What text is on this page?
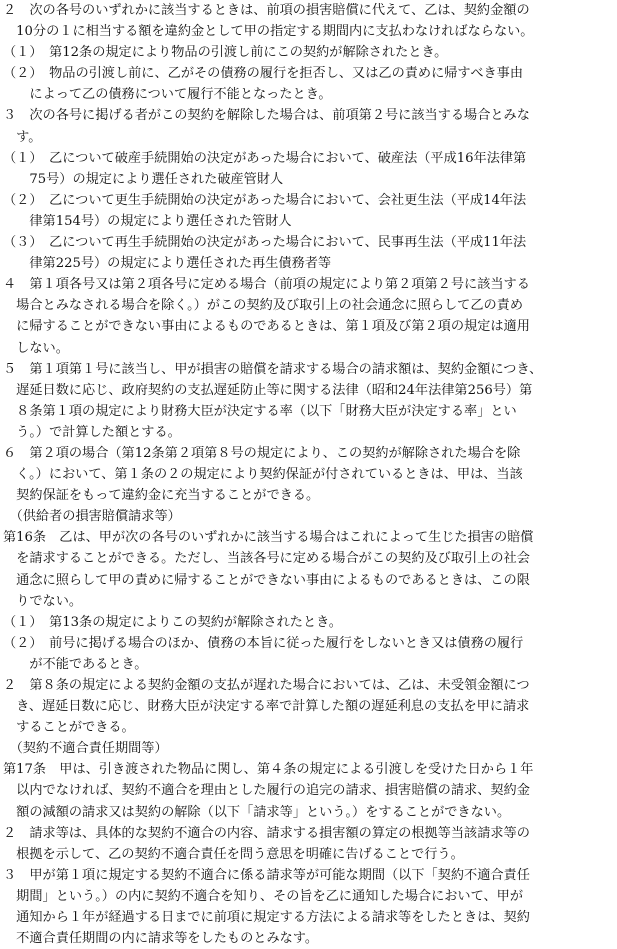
２　次の各号のいずれかに該当するときは、前項の損害賠償に代えて、乙は、契約金額の

　10分の１に相当する額を違約金として甲の指定する期間内に支払わなければならない。

（１）　第12条の規定により物品の引渡し前にこの契約が解除されたとき。

（２）　物品の引渡し前に、乙がその債務の履行を拒否し、又は乙の責めに帰すべき事由

　　によって乙の債務について履行不能となったとき。

３　次の各号に掲げる者がこの契約を解除した場合は、前項第２号に該当する場合とみな

　す。

（１）　乙について破産手続開始の決定があった場合において、破産法（平成16年法律第

　　75号）の規定により選任された破産管財人

（２）　乙について更生手続開始の決定があった場合において、会社更生法（平成14年法

　　律第154号）の規定により選任された管財人

（３）　乙について再生手続開始の決定があった場合において、民事再生法（平成11年法

　　律第225号）の規定により選任された再生債務者等

４　第１項各号又は第２項各号に定める場合（前項の規定により第２項第２号に該当する

　場合とみなされる場合を除く。）がこの契約及び取引上の社会通念に照らして乙の責め

　に帰することができない事由によるものであるときは、第１項及び第２項の規定は適用

　しない。

５　第１項第１号に該当し、甲が損害の賠償を請求する場合の請求額は、契約金額につき、

　遅延日数に応じ、政府契約の支払遅延防止等に関する法律（昭和24年法律第256号）第

　８条第１項の規定により財務大臣が決定する率（以下「財務大臣が決定する率」とい

　う。）で計算した額とする。

６　第２項の場合（第12条第２項第８号の規定により、この契約が解除された場合を除

　く。）において、第１条の２の規定により契約保証が付されているときは、甲は、当該

　契約保証をもって違約金に充当することができる。

　（供給者の損害賠償請求等）

第16条　乙は、甲が次の各号のいずれかに該当する場合はこれによって生じた損害の賠償

　を請求することができる。ただし、当該各号に定める場合がこの契約及び取引上の社会

　通念に照らして甲の責めに帰することができない事由によるものであるときは、この限

　りでない。

（１）　第13条の規定によりこの契約が解除されたとき。

（２）　前号に掲げる場合のほか、債務の本旨に従った履行をしないとき又は債務の履行

　　が不能であるとき。

２　第８条の規定による契約金額の支払が遅れた場合においては、乙は、未受領金額につ

　き、遅延日数に応じ、財務大臣が決定する率で計算した額の遅延利息の支払を甲に請求

　することができる。

　（契約不適合責任期間等）

第17条　甲は、引き渡された物品に関し、第４条の規定による引渡しを受けた日から１年

　以内でなければ、契約不適合を理由とした履行の追完の請求、損害賠償の請求、契約金

　額の減額の請求又は契約の解除（以下「請求等」という。）をすることができない。

２　請求等は、具体的な契約不適合の内容、請求する損害額の算定の根拠等当該請求等の

　根拠を示して、乙の契約不適合責任を問う意思を明確に告げることで行う。

３　甲が第１項に規定する契約不適合に係る請求等が可能な期間（以下「契約不適合責任

　期間」という。）の内に契約不適合を知り、その旨を乙に通知した場合において、甲が

　通知から１年が経過する日までに前項に規定する方法による請求等をしたときは、契約

　不適合責任期間の内に請求等をしたものとみなす。
